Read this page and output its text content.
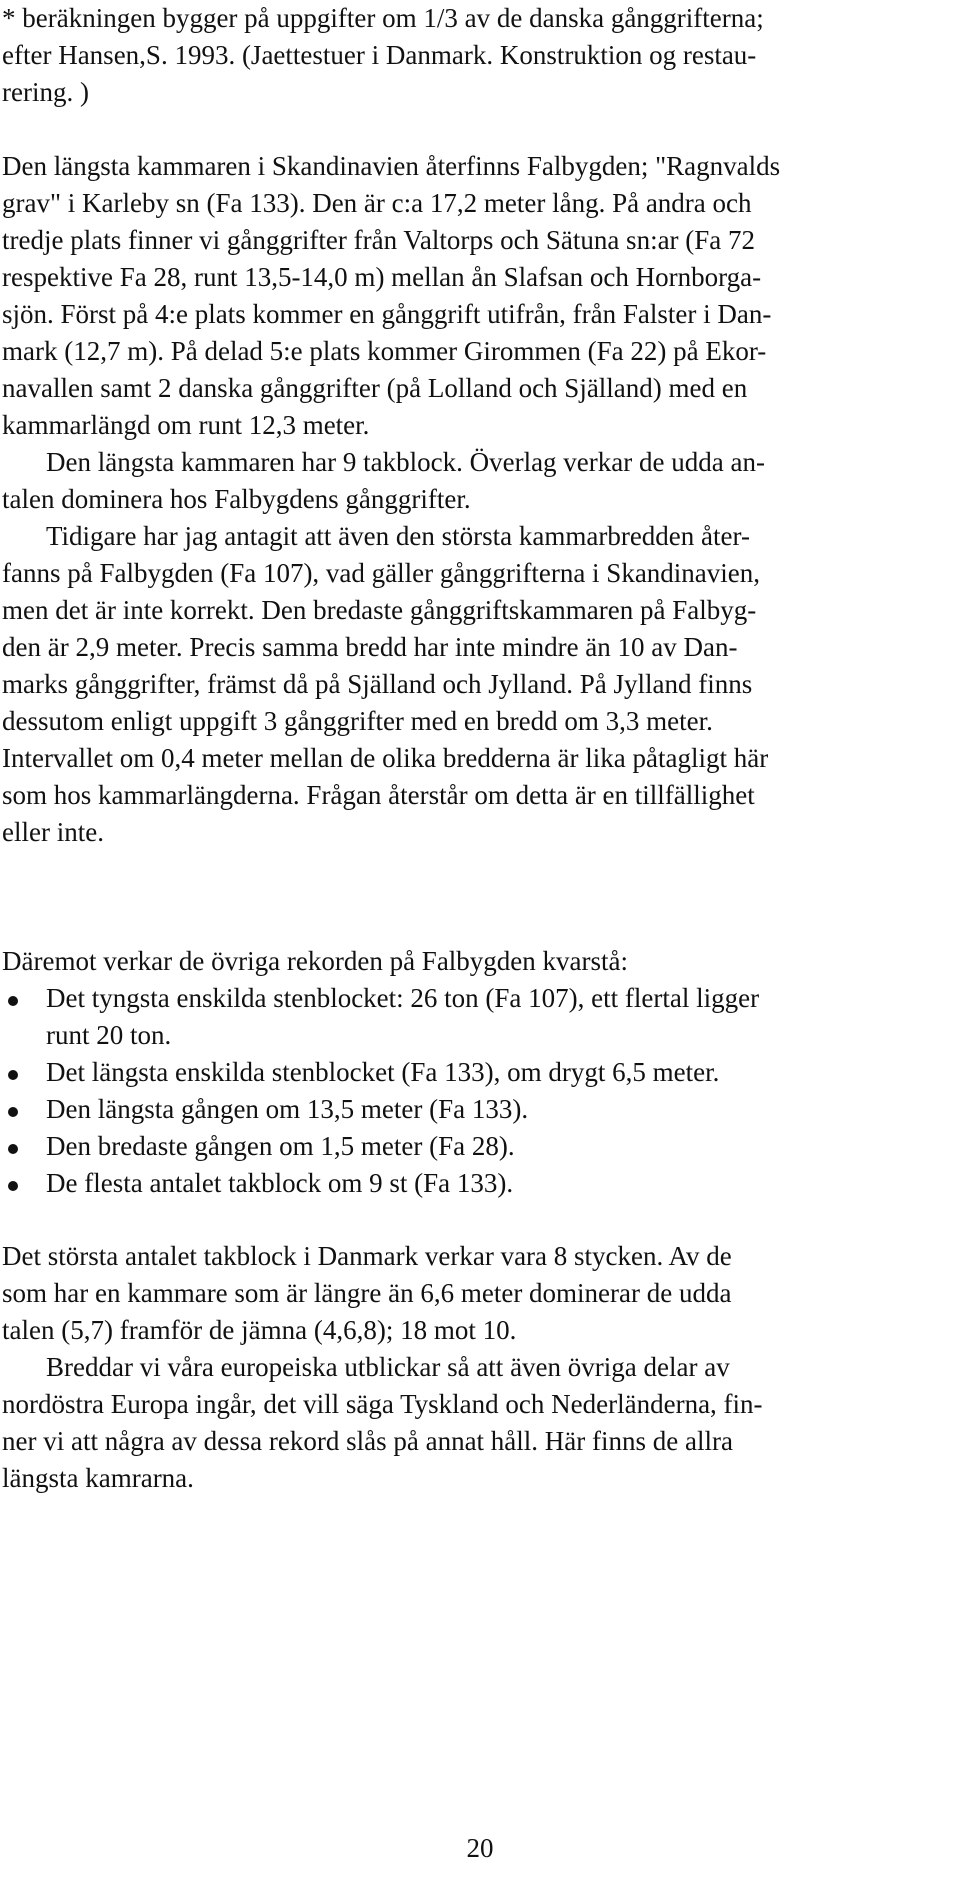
* beräkningen bygger på uppgifter om 1/3 av de danska gånggrifterna;
efter Hansen,S. 1993. (Jaettestuer i Danmark. Konstruktion og restau-
rering. )
Den längsta kammaren i Skandinavien återfinns Falbygden; "Ragnvalds
grav" i Karleby sn (Fa 133). Den är c:a 17,2 meter lång. På andra och
tredje plats finner vi gånggrifter från Valtorps och Sätuna sn:ar (Fa 72
respektive Fa 28, runt 13,5-14,0 m) mellan ån Slafsan och Hornborga-
sjön. Först på 4:e plats kommer en gånggrift utifrån, från Falster i Dan-
mark (12,7 m). På delad 5:e plats kommer Girommen (Fa 22) på Ekor-
navallen samt 2 danska gånggrifter (på Lolland och Själland) med en
kammarlängd om runt 12,3 meter.
Den längsta kammaren har 9 takblock. Överlag verkar de udda an-
talen dominera hos Falbygdens gånggrifter.
Tidigare har jag antagit att även den största kammarbredden åter-
fanns på Falbygden (Fa 107), vad gäller gånggrifterna i Skandinavien,
men det är inte korrekt. Den bredaste gånggriftskammaren på Falbyg-
den är 2,9 meter. Precis samma bredd har inte mindre än 10 av Dan-
marks gånggrifter, främst då på Själland och Jylland. På Jylland finns
dessutom enligt uppgift 3 gånggrifter med en bredd om 3,3 meter.
Intervallet om 0,4 meter mellan de olika bredderna är lika påtagligt här
som hos kammarlängderna. Frågan återstår om detta är en tillfällighet
eller inte.
Däremot verkar de övriga rekorden på Falbygden kvarstå:
Det tyngsta enskilda stenblocket: 26 ton (Fa 107), ett flertal ligger
runt 20 ton.
Det längsta enskilda stenblocket (Fa 133), om drygt 6,5 meter.
Den längsta gången om 13,5 meter (Fa 133).
Den bredaste gången om 1,5 meter (Fa 28).
De flesta antalet takblock om 9 st (Fa 133).
Det största antalet takblock i Danmark verkar vara 8 stycken. Av de
som har en kammare som är längre än 6,6 meter dominerar de udda
talen (5,7) framför de jämna (4,6,8); 18 mot 10.
Breddar vi våra europeiska utblickar så att även övriga delar av
nordöstra Europa ingår, det vill säga Tyskland och Nederländerna, fin-
ner vi att några av dessa rekord slås på annat håll. Här finns de allra
längsta kamrarna.
20
